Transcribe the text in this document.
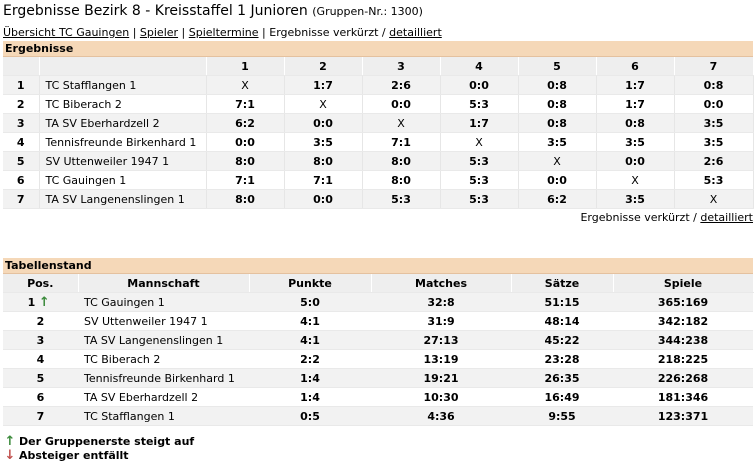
Ergebnisse Bezirk 8 - Kreisstaffel 1 Junioren (Gruppen-Nr.: 1300)
Übersicht TC Gauingen | Spieler | Spieltermine | Ergebnisse verkürzt / detailliert
Ergebnisse
		1	2	3	4	5	6	7
1	TC Stafflangen 1	X	1:7	2:6	0:0	0:8	1:7	0:8
2	TC Biberach 2	7:1	X	0:0	5:3	0:8	1:7	0:0
3	TA SV Eberhardzell 2	6:2	0:0	X	1:7	0:8	0:8	3:5
4	Tennisfreunde Birkenhard 1	0:0	3:5	7:1	X	3:5	3:5	3:5
5	SV Uttenweiler 1947 1	8:0	8:0	8:0	5:3	X	0:0	2:6
6	TC Gauingen 1	7:1	7:1	8:0	5:3	0:0	X	5:3
7	TA SV Langenenslingen 1	8:0	0:0	5:3	5:3	6:2	3:5	X
Ergebnisse verkürzt / detailliert
Tabellenstand
Pos.	Mannschaft	Punkte	Matches	Sätze	Spiele
1 ↑	TC Gauingen 1	5:0	32:8	51:15	365:169
2	SV Uttenweiler 1947 1	4:1	31:9	48:14	342:182
3	TA SV Langenenslingen 1	4:1	27:13	45:22	344:238
4	TC Biberach 2	2:2	13:19	23:28	218:225
5	Tennisfreunde Birkenhard 1	1:4	19:21	26:35	226:268
6	TA SV Eberhardzell 2	1:4	10:30	16:49	181:346
7	TC Stafflangen 1	0:5	4:36	9:55	123:371
↑ Der Gruppenerste steigt auf
↓ Absteiger entfällt
